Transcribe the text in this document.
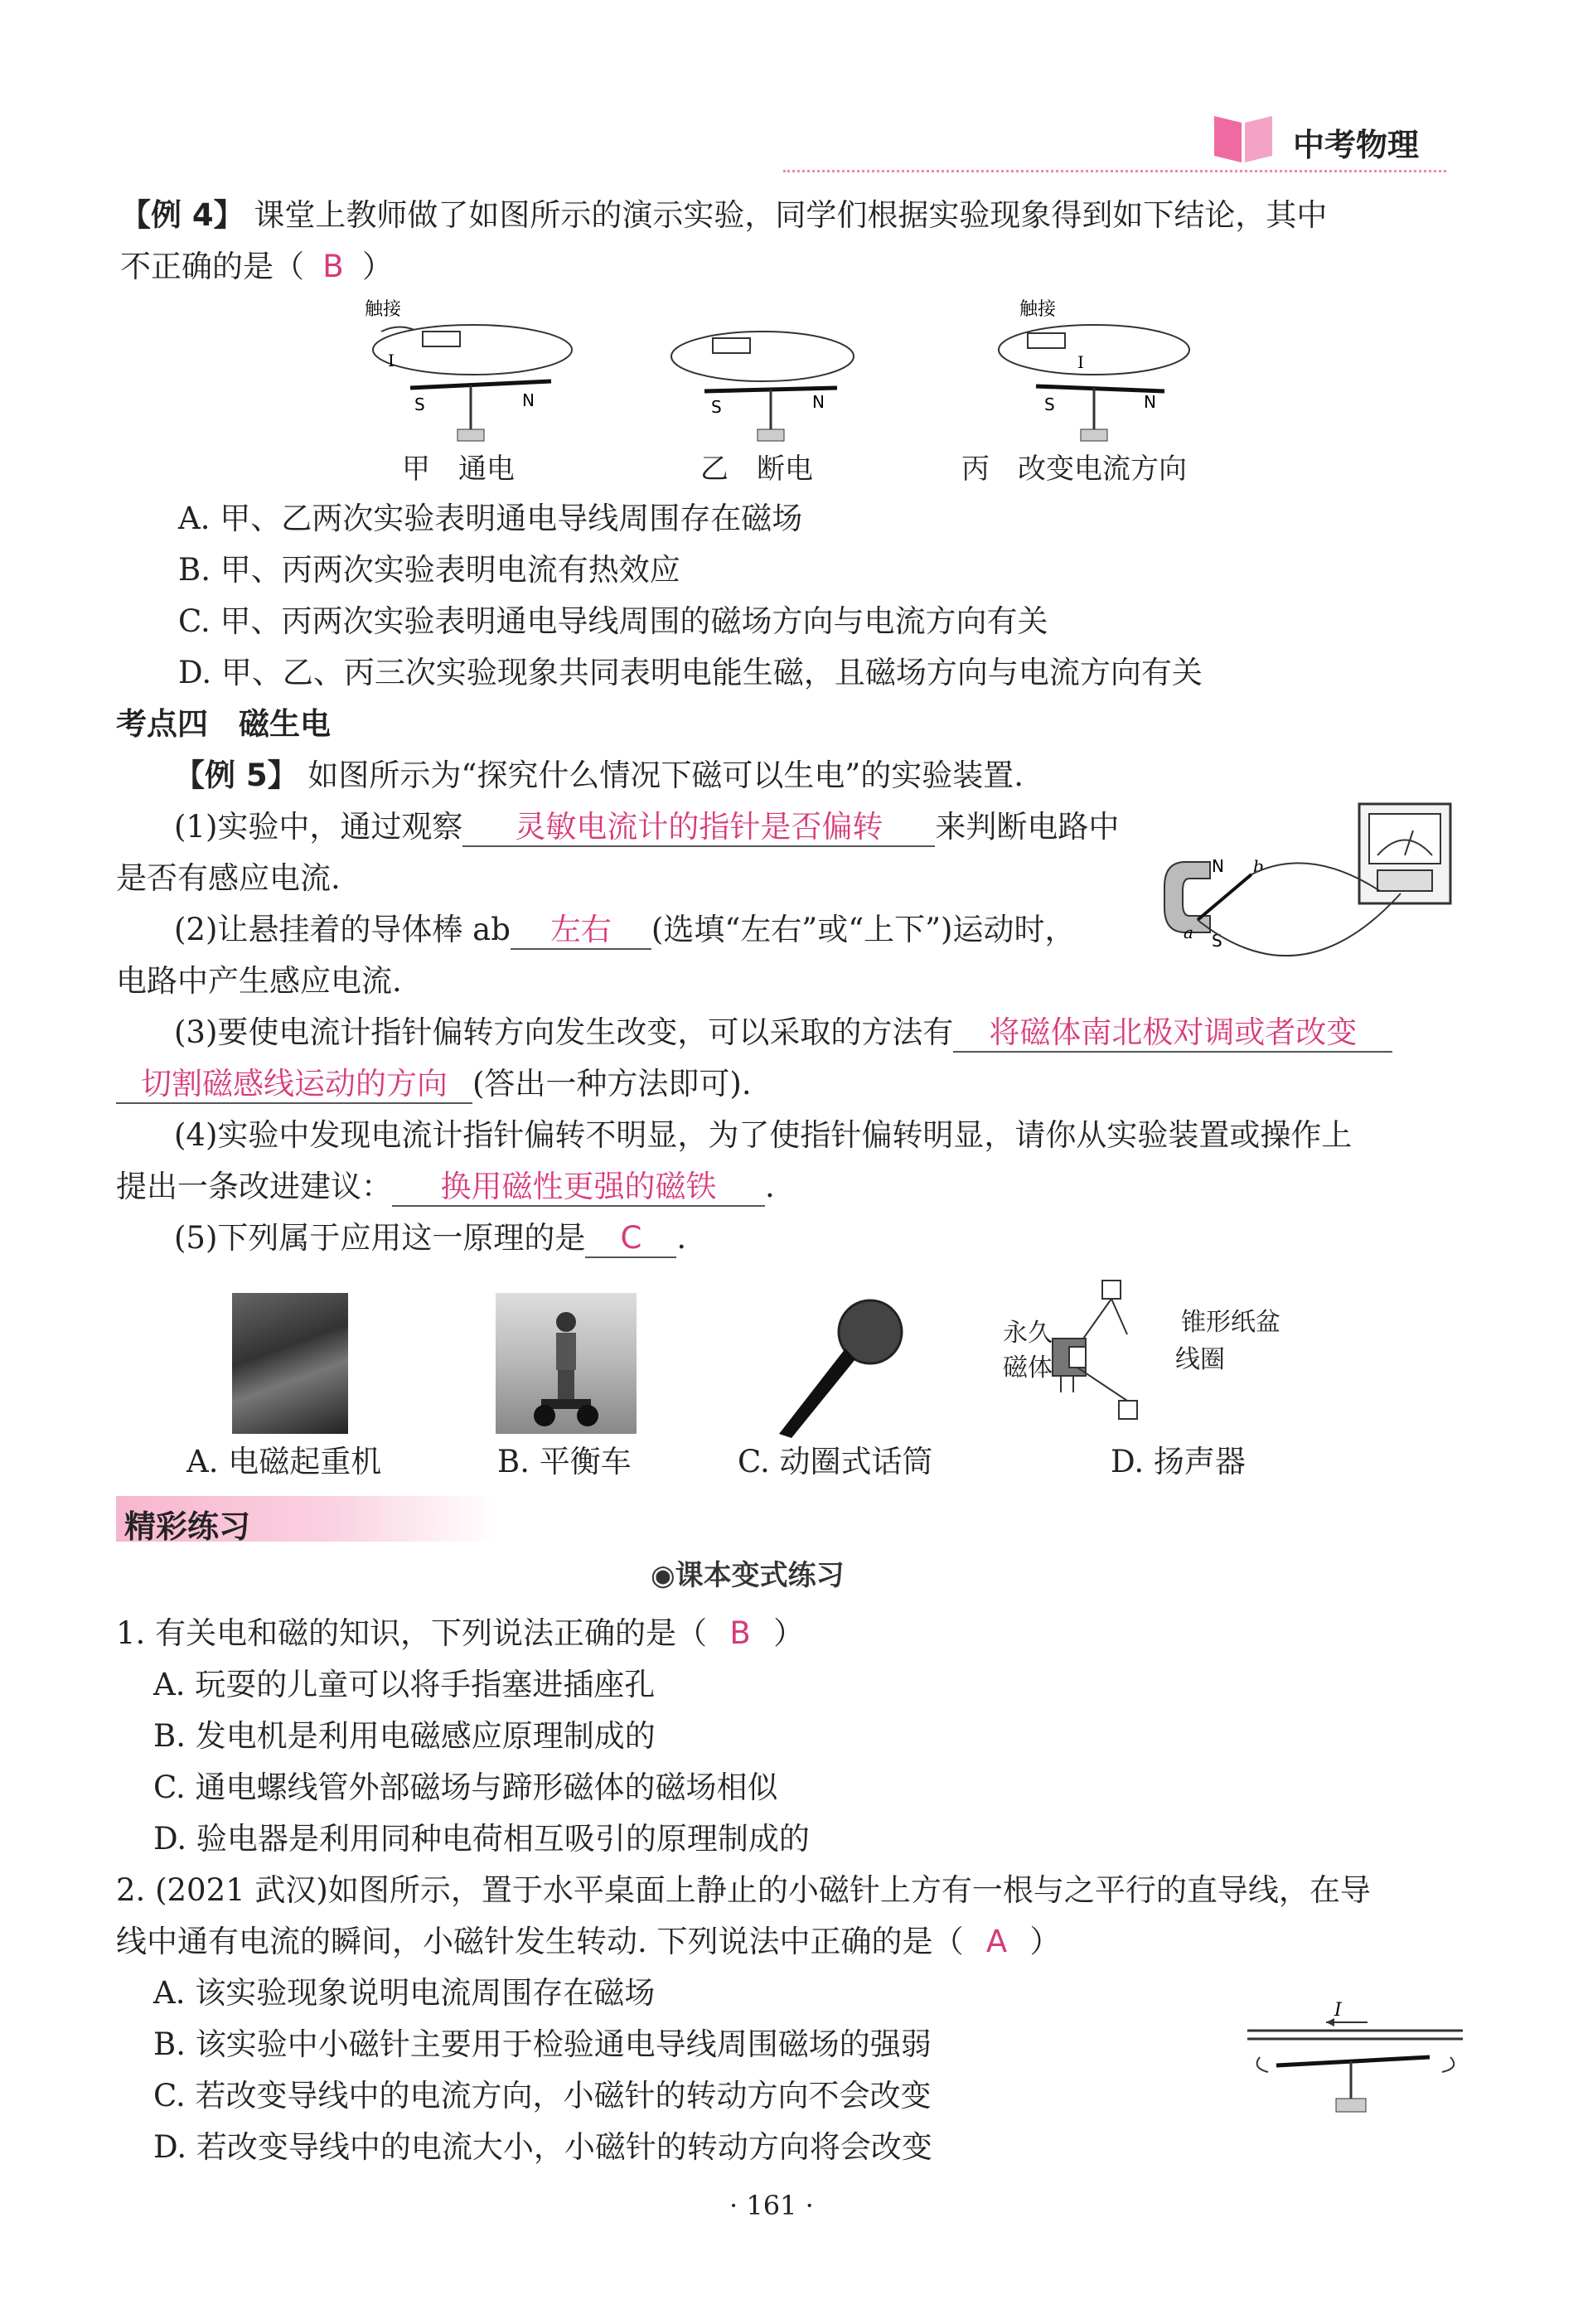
中考物理
【例 4】 课堂上教师做了如图所示的演示实验，同学们根据实验现象得到如下结论，其中
不正确的是（ B ）
触接
I
S	N	S	N
触接
I
S	N
甲　通电	乙　断电	丙　改变电流方向
A. 甲、乙两次实验表明通电导线周围存在磁场
B. 甲、丙两次实验表明电流有热效应
C. 甲、丙两次实验表明通电导线周围的磁场方向与电流方向有关
D. 甲、乙、丙三次实验现象共同表明电能生磁，且磁场方向与电流方向有关
考点四　磁生电
【例 5】 如图所示为“探究什么情况下磁可以生电”的实验装置.
(1)实验中，通过观察 灵敏电流计的指针是否偏转 来判断电路中
是否有感应电流.
(2)让悬挂着的导体棒 ab 左右 (选填“左右”或“上下”)运动时，
电路中产生感应电流.
N
S
b
a
(3)要使电流计指针偏转方向发生改变，可以采取的方法有 将磁体南北极对调或者改变
切割磁感线运动的方向 (答出一种方法即可).
(4)实验中发现电流计指针偏转不明显，为了使指针偏转明显，请你从实验装置或操作上
提出一条改进建议： 换用磁性更强的磁铁 .
(5)下列属于应用这一原理的是 C .
永久
磁体
锥形纸盆
线圈
A. 电磁起重机	B. 平衡车	C. 动圈式话筒	D. 扬声器
精彩练习
◉课本变式练习
1. 有关电和磁的知识，下列说法正确的是（ B ）
A. 玩耍的儿童可以将手指塞进插座孔
B. 发电机是利用电磁感应原理制成的
C. 通电螺线管外部磁场与蹄形磁体的磁场相似
D. 验电器是利用同种电荷相互吸引的原理制成的
2. (2021 武汉)如图所示，置于水平桌面上静止的小磁针上方有一根与之平行的直导线，在导
线中通有电流的瞬间，小磁针发生转动. 下列说法中正确的是（ A ）
A. 该实验现象说明电流周围存在磁场
B. 该实验中小磁针主要用于检验通电导线周围磁场的强弱
C. 若改变导线中的电流方向，小磁针的转动方向不会改变
D. 若改变导线中的电流大小，小磁针的转动方向将会改变
I
· 161 ·
